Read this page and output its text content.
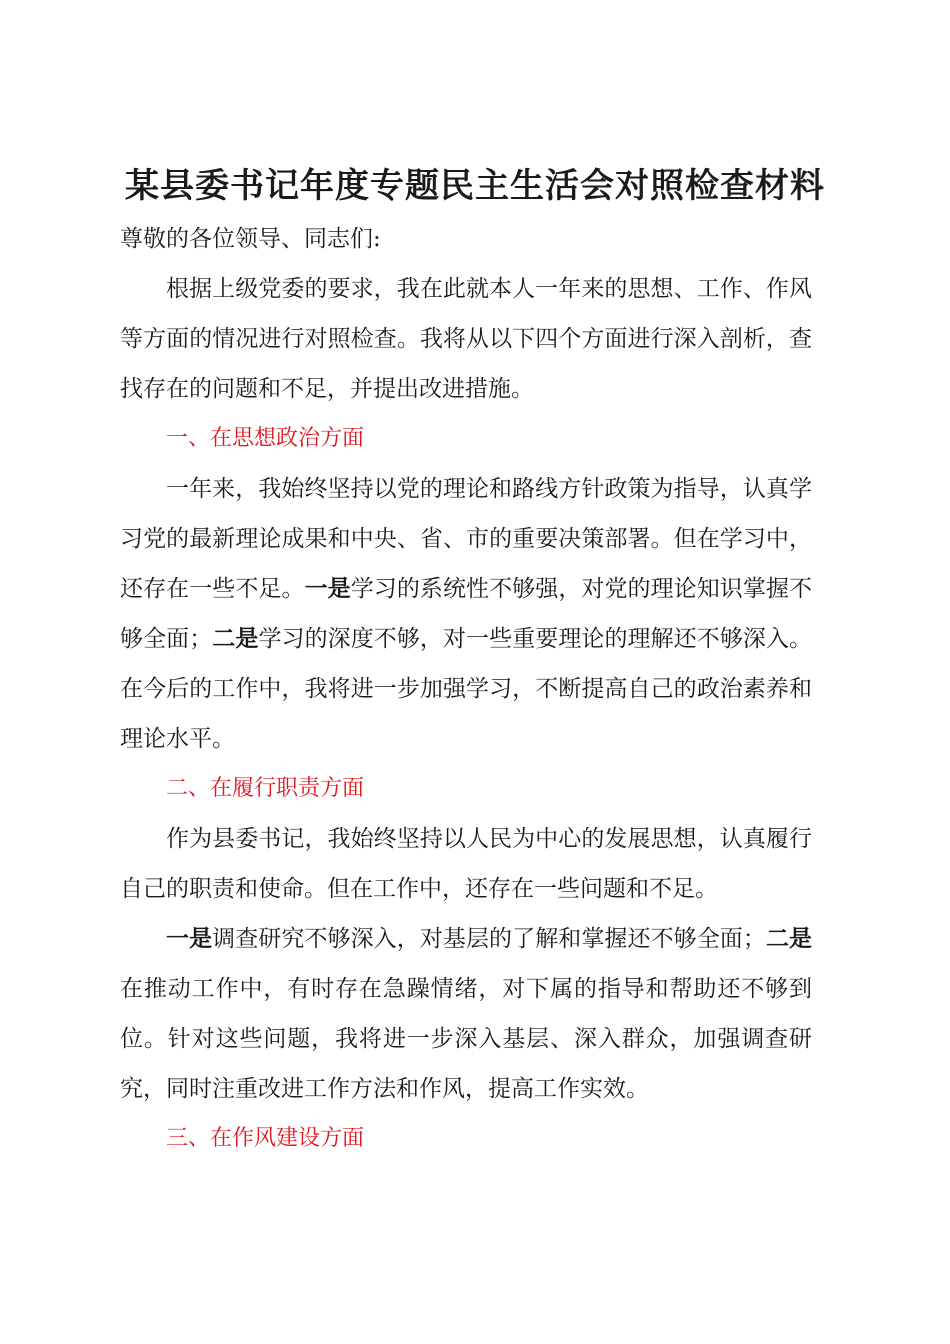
某县委书记年度专题民主生活会对照检查材料

尊敬的各位领导、同志们:

根据上级党委的要求，我在此就本人一年来的思想、工作、作风等方面的情况进行对照检查。我将从以下四个方面进行深入剖析，查找存在的问题和不足，并提出改进措施。

一、在思想政治方面

一年来，我始终坚持以党的理论和路线方针政策为指导，认真学习党的最新理论成果和中央、省、市的重要决策部署。但在学习中，还存在一些不足。一是学习的系统性不够强，对党的理论知识掌握不够全面；二是学习的深度不够，对一些重要理论的理解还不够深入。在今后的工作中，我将进一步加强学习，不断提高自己的政治素养和理论水平。

二、在履行职责方面

作为县委书记，我始终坚持以人民为中心的发展思想，认真履行自己的职责和使命。但在工作中，还存在一些问题和不足。

一是调查研究不够深入，对基层的了解和掌握还不够全面；二是在推动工作中，有时存在急躁情绪，对下属的指导和帮助还不够到位。针对这些问题，我将进一步深入基层、深入群众，加强调查研究，同时注重改进工作方法和作风，提高工作实效。

三、在作风建设方面
